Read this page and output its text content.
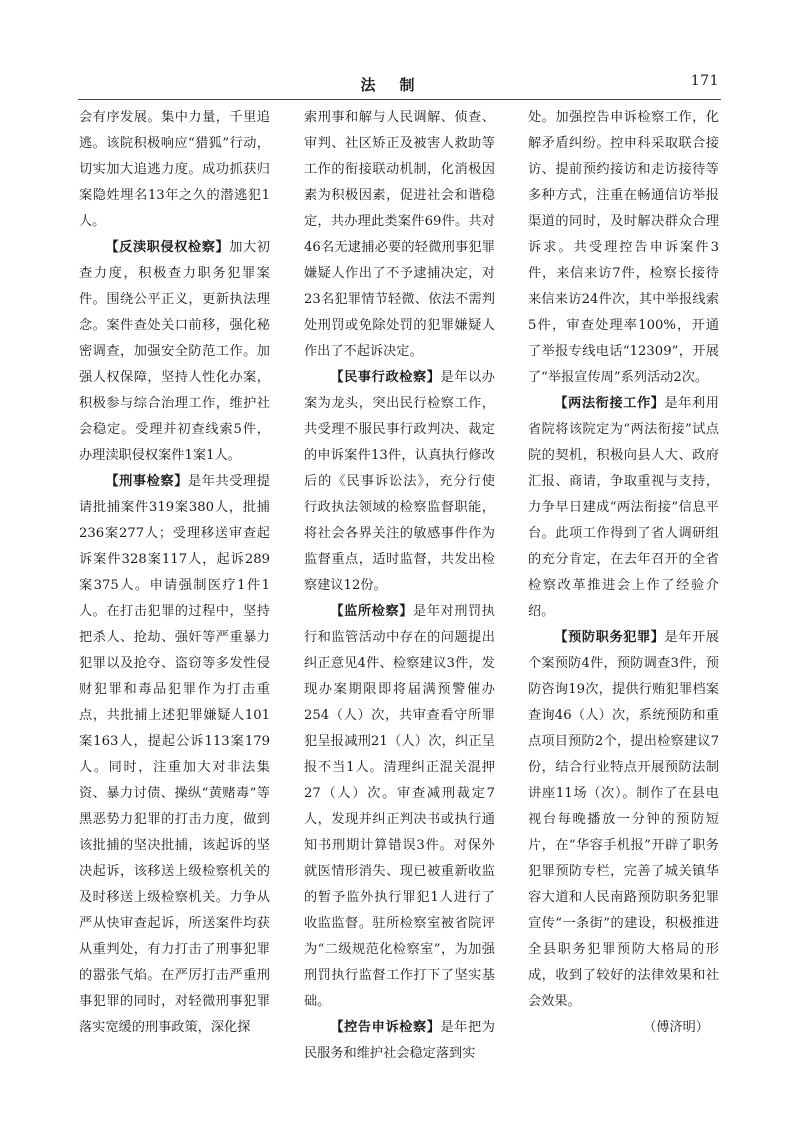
法制	171

会有序发展。集中力量，千里追逃。该院积极响应“猎狐”行动，切实加大追逃力度。成功抓获归案隐姓埋名13年之久的潜逃犯1人。

【反渎职侵权检察】加大初查力度，积极查力职务犯罪案件。围绕公平正义，更新执法理念。案件查处关口前移，强化秘密调查，加强安全防范工作。加强人权保障，坚持人性化办案，积极参与综合治理工作，维护社会稳定。受理并初查线索5件，办理渎职侵权案件1案1人。

【刑事检察】是年共受理提请批捕案件319案380人，批捕236案277人；受理移送审查起诉案件328案117人，起诉289案375人。申请强制医疗1件1人。在打击犯罪的过程中，坚持把杀人、抢劫、强奸等严重暴力犯罪以及抢夺、盗窃等多发性侵财犯罪和毒品犯罪作为打击重点，共批捕上述犯罪嫌疑人101案163人，提起公诉113案179人。同时，注重加大对非法集资、暴力讨债、操纵“黄赌毒”等黑恶势力犯罪的打击力度，做到该批捕的坚决批捕，该起诉的坚决起诉，该移送上级检察机关的及时移送上级检察机关。力争从严从快审查起诉，所送案件均获从重判处，有力打击了刑事犯罪的嚣张气焰。在严厉打击严重刑事犯罪的同时，对轻微刑事犯罪落实宽缓的刑事政策，深化探

索刑事和解与人民调解、侦查、审判、社区矫正及被害人救助等工作的衔接联动机制，化消极因素为积极因素，促进社会和谐稳定，共办理此类案件69件。共对46名无逮捕必要的轻微刑事犯罪嫌疑人作出了不予逮捕决定，对23名犯罪情节轻微、依法不需判处刑罚或免除处罚的犯罪嫌疑人作出了不起诉决定。

【民事行政检察】是年以办案为龙头，突出民行检察工作，共受理不服民事行政判决、裁定的申诉案件13件，认真执行修改后的《民事诉讼法》，充分行使行政执法领域的检察监督职能，将社会各界关注的敏感事件作为监督重点，适时监督，共发出检察建议12份。

【监所检察】是年对刑罚执行和监管活动中存在的问题提出纠正意见4件、检察建议3件，发现办案期限即将届满预警催办254（人）次，共审查看守所罪犯呈报减刑21（人）次，纠正呈报不当1人。清理纠正混关混押27（人）次。审查减刑裁定7人，发现并纠正判决书或执行通知书刑期计算错误3件。对保外就医情形消失、现已被重新收监的暂予监外执行罪犯1人进行了收监监督。驻所检察室被省院评为“二级规范化检察室”，为加强刑罚执行监督工作打下了坚实基础。

【控告申诉检察】是年把为民服务和维护社会稳定落到实

处。加强控告申诉检察工作，化解矛盾纠纷。控申科采取联合接访、提前预约接访和走访接待等多种方式，注重在畅通信访举报渠道的同时，及时解决群众合理诉求。共受理控告申诉案件3件，来信来访7件，检察长接待来信来访24件次，其中举报线索5件，审查处理率100%，开通了举报专线电话“12309”，开展了“举报宣传周”系列活动2次。

【两法衔接工作】是年利用省院将该院定为“两法衔接”试点院的契机，积极向县人大、政府汇报、商请，争取重视与支持，力争早日建成“两法衔接”信息平台。此项工作得到了省人调研组的充分肯定，在去年召开的全省检察改革推进会上作了经验介绍。

【预防职务犯罪】是年开展个案预防4件，预防调查3件，预防咨询19次，提供行贿犯罪档案查询46（人）次，系统预防和重点项目预防2个，提出检察建议7份，结合行业特点开展预防法制讲座11场（次）。制作了在县电视台每晚播放一分钟的预防短片，在“华容手机报”开辟了职务犯罪预防专栏，完善了城关镇华容大道和人民南路预防职务犯罪宣传“一条街”的建设，积极推进全县职务犯罪预防大格局的形成，收到了较好的法律效果和社会效果。

（傅济明）
